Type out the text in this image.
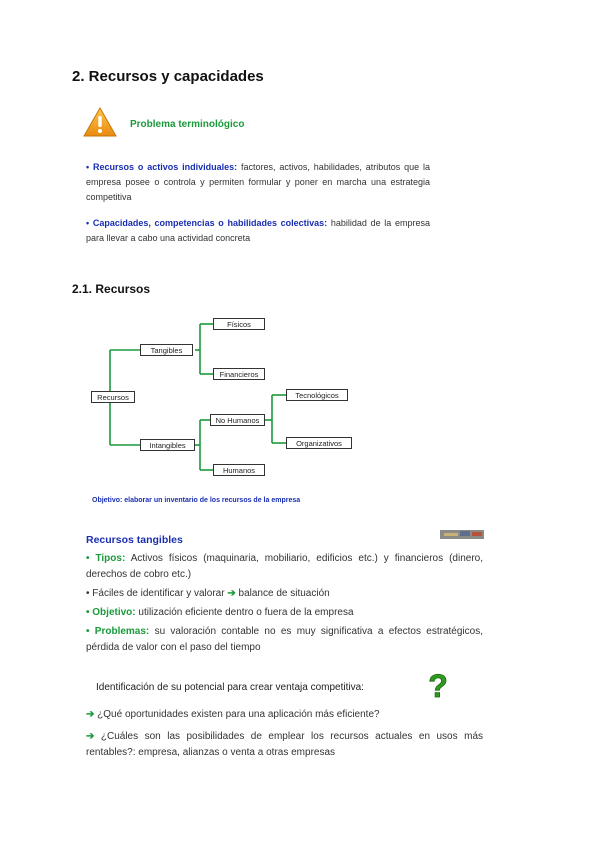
2. Recursos y capacidades
Problema terminológico
• Recursos o activos individuales: factores, activos, habilidades, atributos que la empresa posee o controla y permiten formular y poner en marcha una estrategia competitiva
• Capacidades, competencias o habilidades colectivas: habilidad de la empresa para llevar a cabo una actividad concreta
2.1. Recursos
Recursos
Tangibles
Intangibles
Físicos
Financieros
No Humanos
Humanos
Tecnológicos
Organizativos
Objetivo: elaborar un inventario de los recursos de la empresa
Recursos tangibles
• Tipos: Activos físicos (maquinaria, mobiliario, edificios etc.) y financieros (dinero, derechos de cobro etc.)
• Fáciles de identificar y valorar ➔ balance de situación
• Objetivo: utilización eficiente dentro o fuera de la empresa
• Problemas: su valoración contable no es muy significativa a efectos estratégicos, pérdida de valor con el paso del tiempo
Identificación de su potencial para crear ventaja competitiva: ?
➔ ¿Qué oportunidades existen para una aplicación más eficiente?
➔ ¿Cuáles son las posibilidades de emplear los recursos actuales en usos más rentables?: empresa, alianzas o venta a otras empresas
